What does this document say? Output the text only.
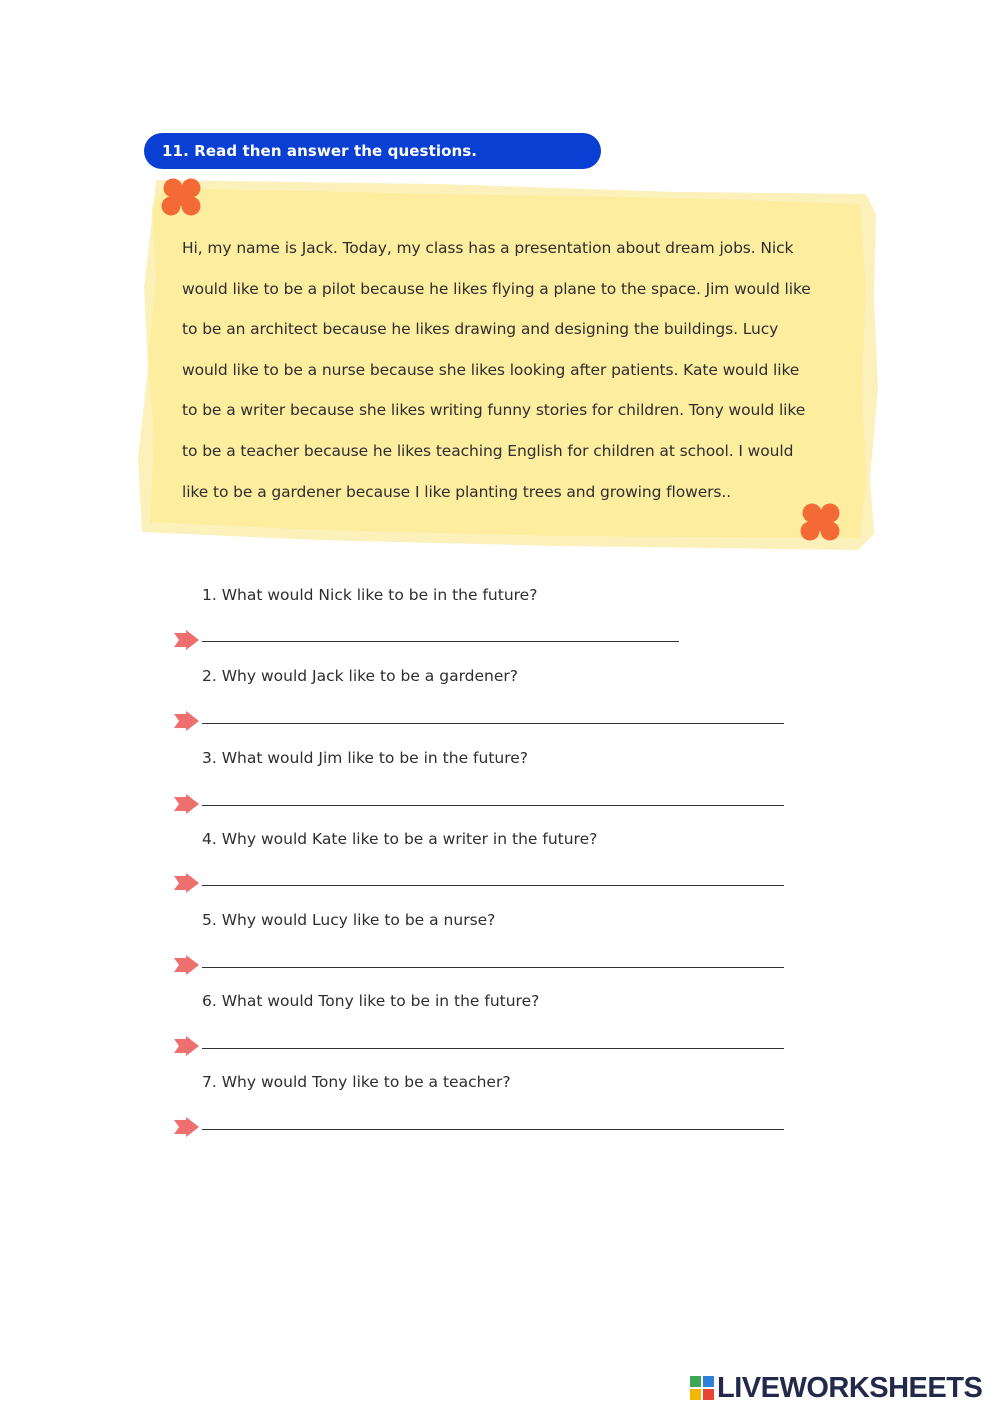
11. Read then answer the questions.
Hi, my name is Jack. Today, my class has a presentation about dream jobs. Nick
would like to be a pilot because he likes flying a plane to the space. Jim would like
to be an architect because he likes drawing and designing the buildings. Lucy
would like to be a nurse because she likes looking after patients. Kate would like
to be a writer because she likes writing funny stories for children. Tony would like
to be a teacher because he likes teaching English for children at school. I would
like to be a gardener because I like planting trees and growing flowers..
1. What would Nick like to be in the future?
2. Why would Jack like to be a gardener?
3. What would Jim like to be in the future?
4. Why would Kate like to be a writer in the future?
5. Why would Lucy like to be a nurse?
6. What would Tony like to be in the future?
7. Why would Tony like to be a teacher?
LIVEWORKSHEETS
